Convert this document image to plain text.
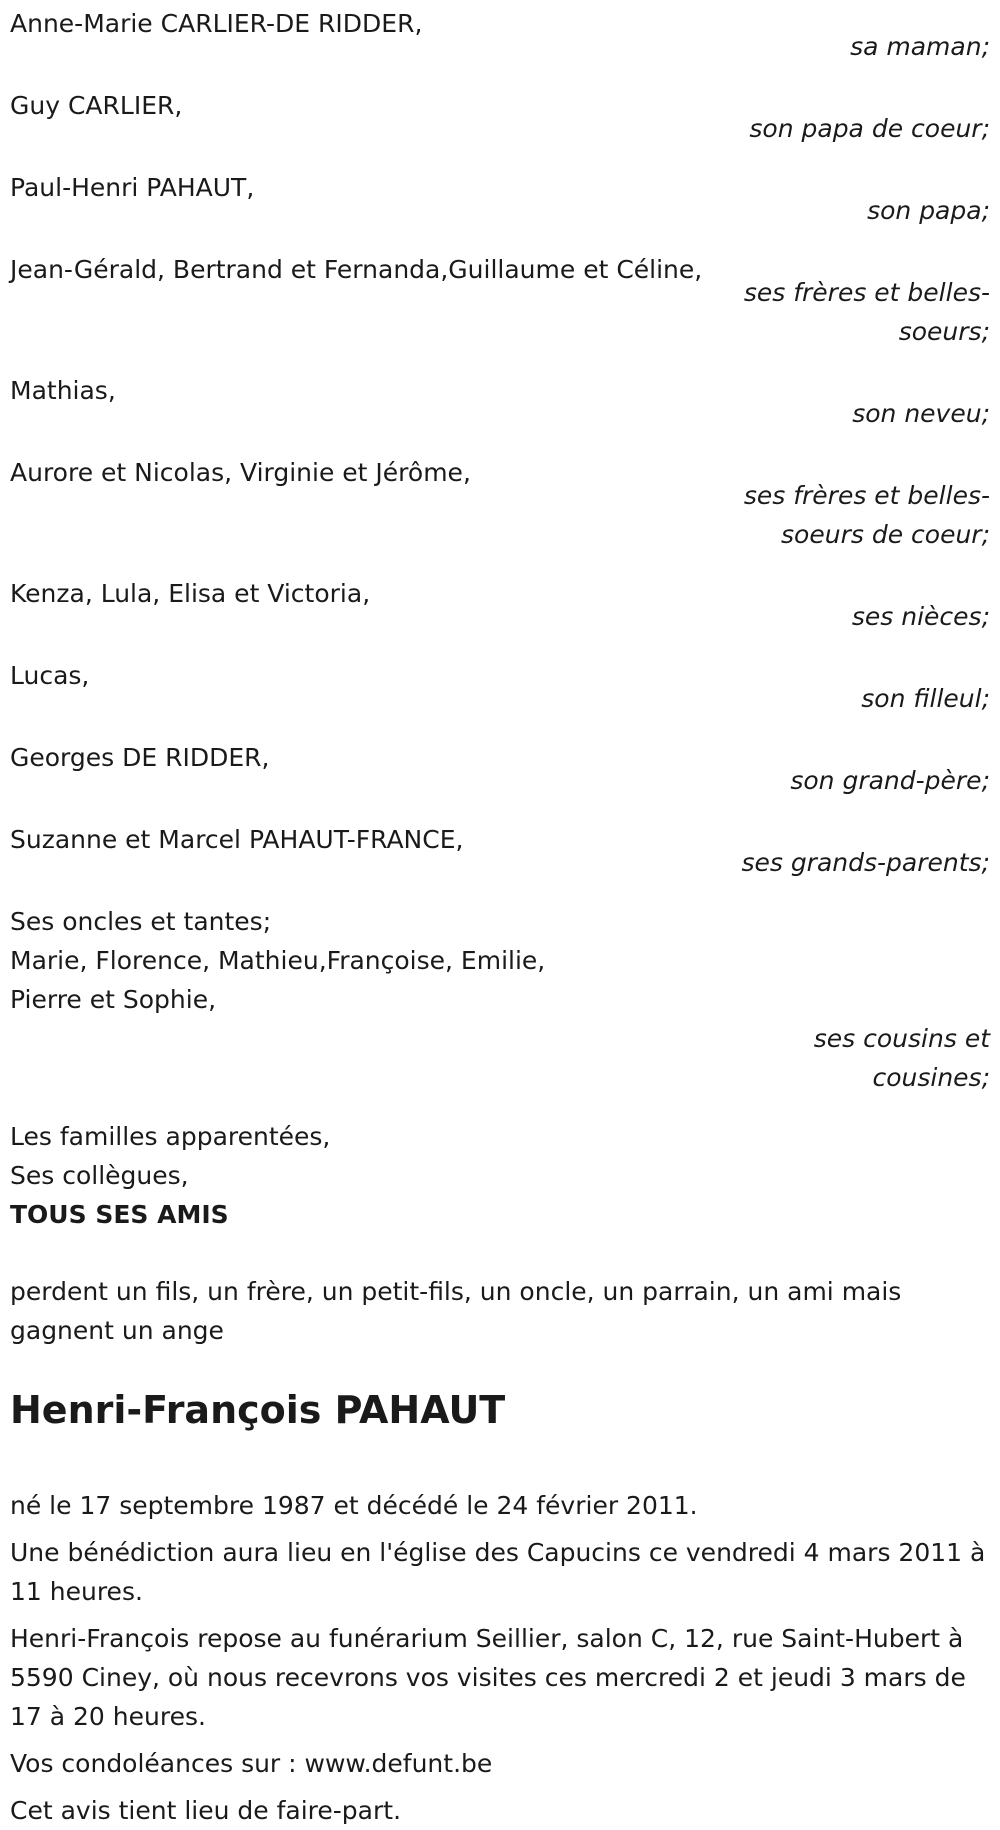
Anne-Marie CARLIER-DE RIDDER,
sa maman;
Guy CARLIER,
son papa de coeur;
Paul-Henri PAHAUT,
son papa;
Jean-Gérald, Bertrand et Fernanda,Guillaume et Céline,
ses frères et belles-soeurs;
Mathias,
son neveu;
Aurore et Nicolas, Virginie et Jérôme,
ses frères et belles-soeurs de coeur;
Kenza, Lula, Elisa et Victoria,
ses nièces;
Lucas,
son filleul;
Georges DE RIDDER,
son grand-père;
Suzanne et Marcel PAHAUT-FRANCE,
ses grands-parents;
Ses oncles et tantes;
Marie, Florence, Mathieu,Françoise, Emilie,
Pierre et Sophie,
ses cousins et cousines;
Les familles apparentées,
Ses collègues,
TOUS SES AMIS
perdent un fils, un frère, un petit-fils, un oncle, un parrain, un ami mais gagnent un ange
Henri-François PAHAUT
né le 17 septembre 1987 et décédé le 24 février 2011.
Une bénédiction aura lieu en l'église des Capucins ce vendredi 4 mars 2011 à 11 heures.
Henri-François repose au funérarium Seillier, salon C, 12, rue Saint-Hubert à 5590 Ciney, où nous recevrons vos visites ces mercredi 2 et jeudi 3 mars de 17 à 20 heures.
Vos condoléances sur : www.defunt.be
Cet avis tient lieu de faire-part.
